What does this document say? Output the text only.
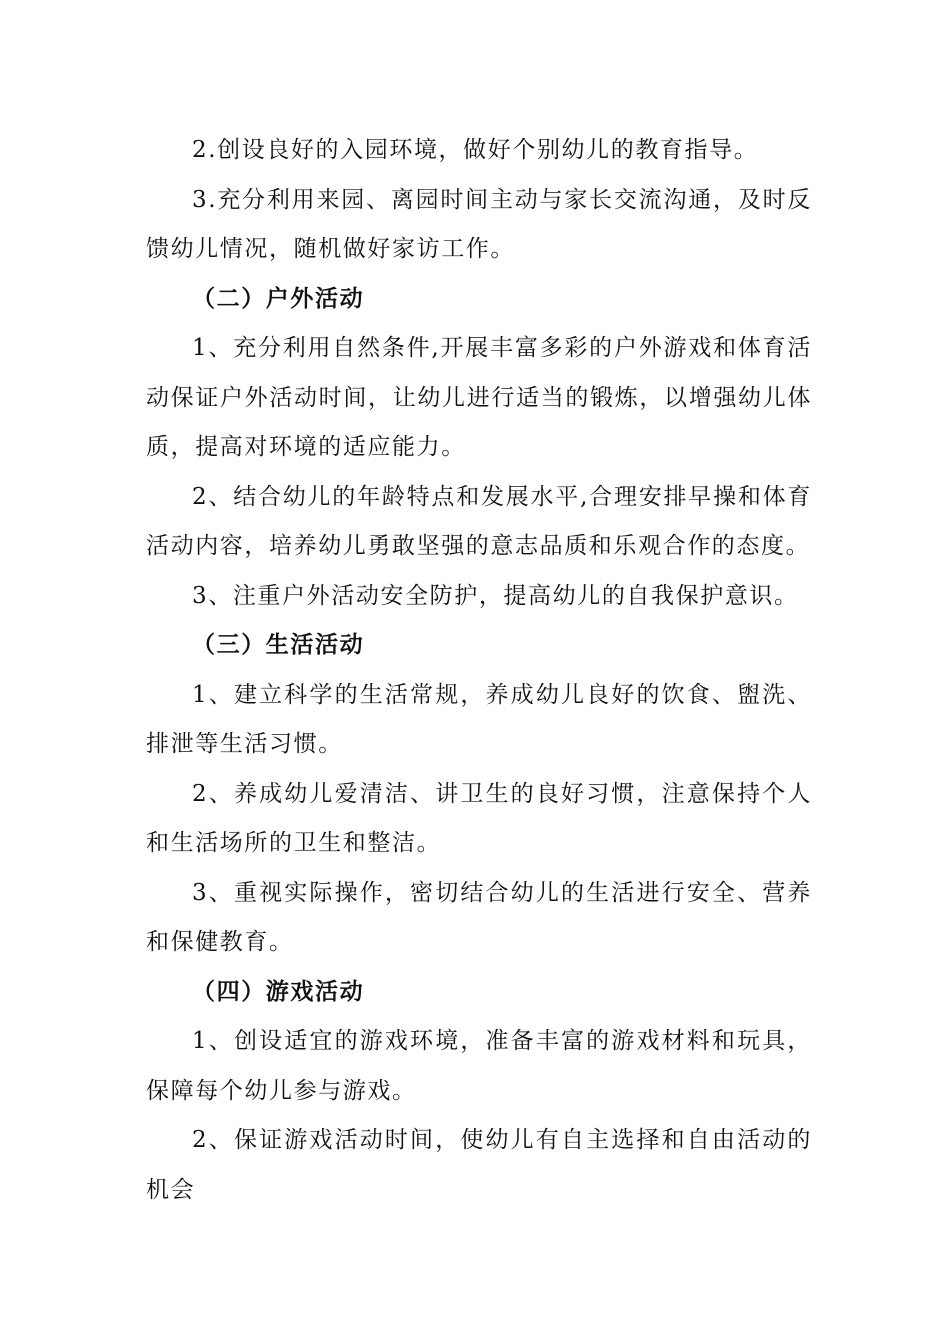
2.创设良好的入园环境，做好个别幼儿的教育指导。

3.充分利用来园、离园时间主动与家长交流沟通，及时反馈幼儿情况，随机做好家访工作。

（二）户外活动

1、充分利用自然条件,开展丰富多彩的户外游戏和体育活动保证户外活动时间，让幼儿进行适当的锻炼，以增强幼儿体质，提高对环境的适应能力。

2、结合幼儿的年龄特点和发展水平,合理安排早操和体育活动内容，培养幼儿勇敢坚强的意志品质和乐观合作的态度。

3、注重户外活动安全防护，提高幼儿的自我保护意识。

（三）生活活动

1、建立科学的生活常规，养成幼儿良好的饮食、盥洗、排泄等生活习惯。

2、养成幼儿爱清洁、讲卫生的良好习惯，注意保持个人和生活场所的卫生和整洁。

3、重视实际操作，密切结合幼儿的生活进行安全、营养和保健教育。

（四）游戏活动

1、创设适宜的游戏环境，准备丰富的游戏材料和玩具，保障每个幼儿参与游戏。

2、保证游戏活动时间，使幼儿有自主选择和自由活动的机会
